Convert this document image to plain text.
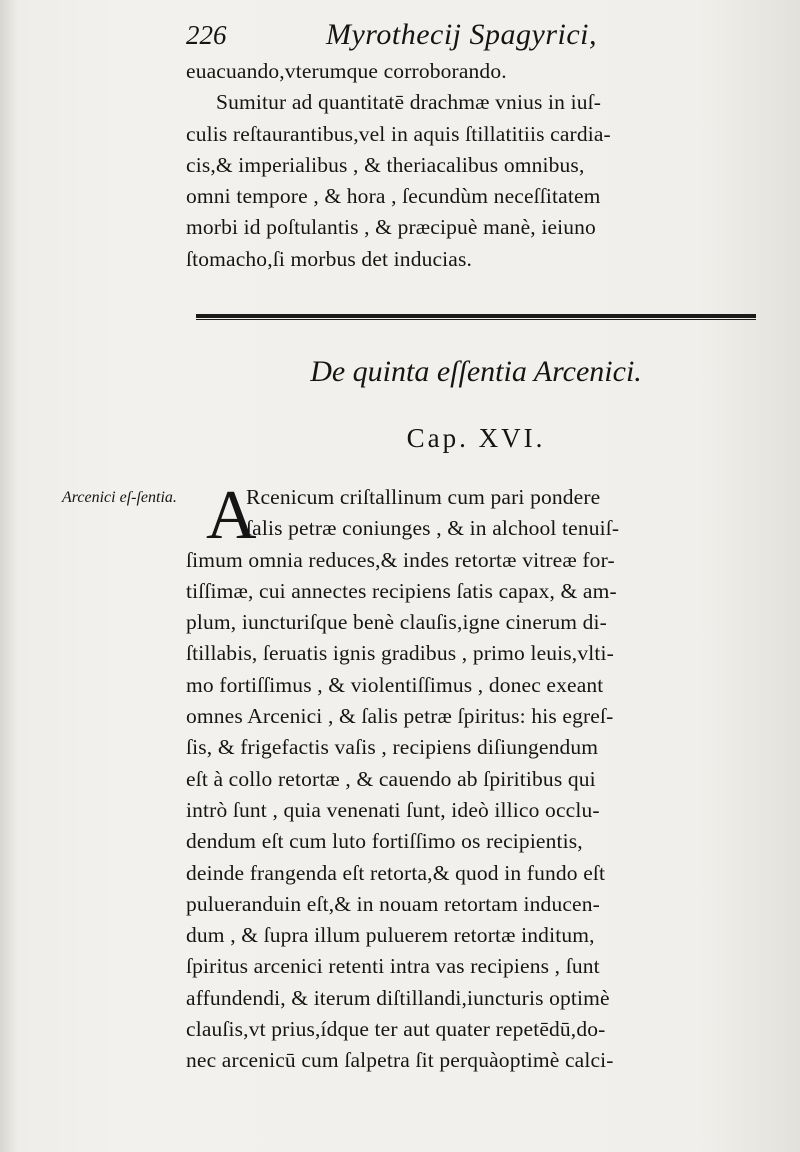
226	Myrothecij Spagyrici,
euacuando,vterumque corroborando.
Sumitur ad quantitatē drachmæ vnius in iuſ-
culis reſtaurantibus,vel in aquis ſtillatitiis cardia-
cis,& imperialibus , & theriacalibus omnibus,
omni tempore , & hora , ſecundùm neceſſitatem
morbi id poſtulantis , & præcipuè manè, ieiuno
ſtomacho,ſi morbus det inducias.
De quinta eſſentia Arcenici.
Cap. XVI.
Arcenici eſ-ſentia. A
Rcenicum criſtallinum cum pari pondere
ſalis petræ coniunges , & in alchool tenuiſ-
ſimum omnia reduces,& indes retortæ vitreæ for-
tiſſimæ, cui annectes recipiens ſatis capax, & am-
plum, iuncturiſque benè clauſis,igne cinerum di-
ſtillabis, ſeruatis ignis gradibus , primo leuis,vlti-
mo fortiſſimus , & violentiſſimus , donec exeant
omnes Arcenici , & ſalis petræ ſpiritus: his egreſ-
ſis, & frigefactis vaſis , recipiens diſiungendum
eſt à collo retortæ , & cauendo ab ſpiritibus qui
intrò ſunt , quia venenati ſunt, ideò illico occlu-
dendum eſt cum luto fortiſſimo os recipientis,
deinde frangenda eſt retorta,& quod in fundo eſt
pulueranduin eſt,& in nouam retortam inducen-
dum , & ſupra illum puluerem retortæ inditum,
ſpiritus arcenici retenti intra vas recipiens , ſunt
affundendi, & iterum diſtillandi,iuncturis optimè
clauſis,vt prius,ídque ter aut quater repetēdū,do-
nec arcenicū cum ſalpetra ſit perquàoptimè calci-
